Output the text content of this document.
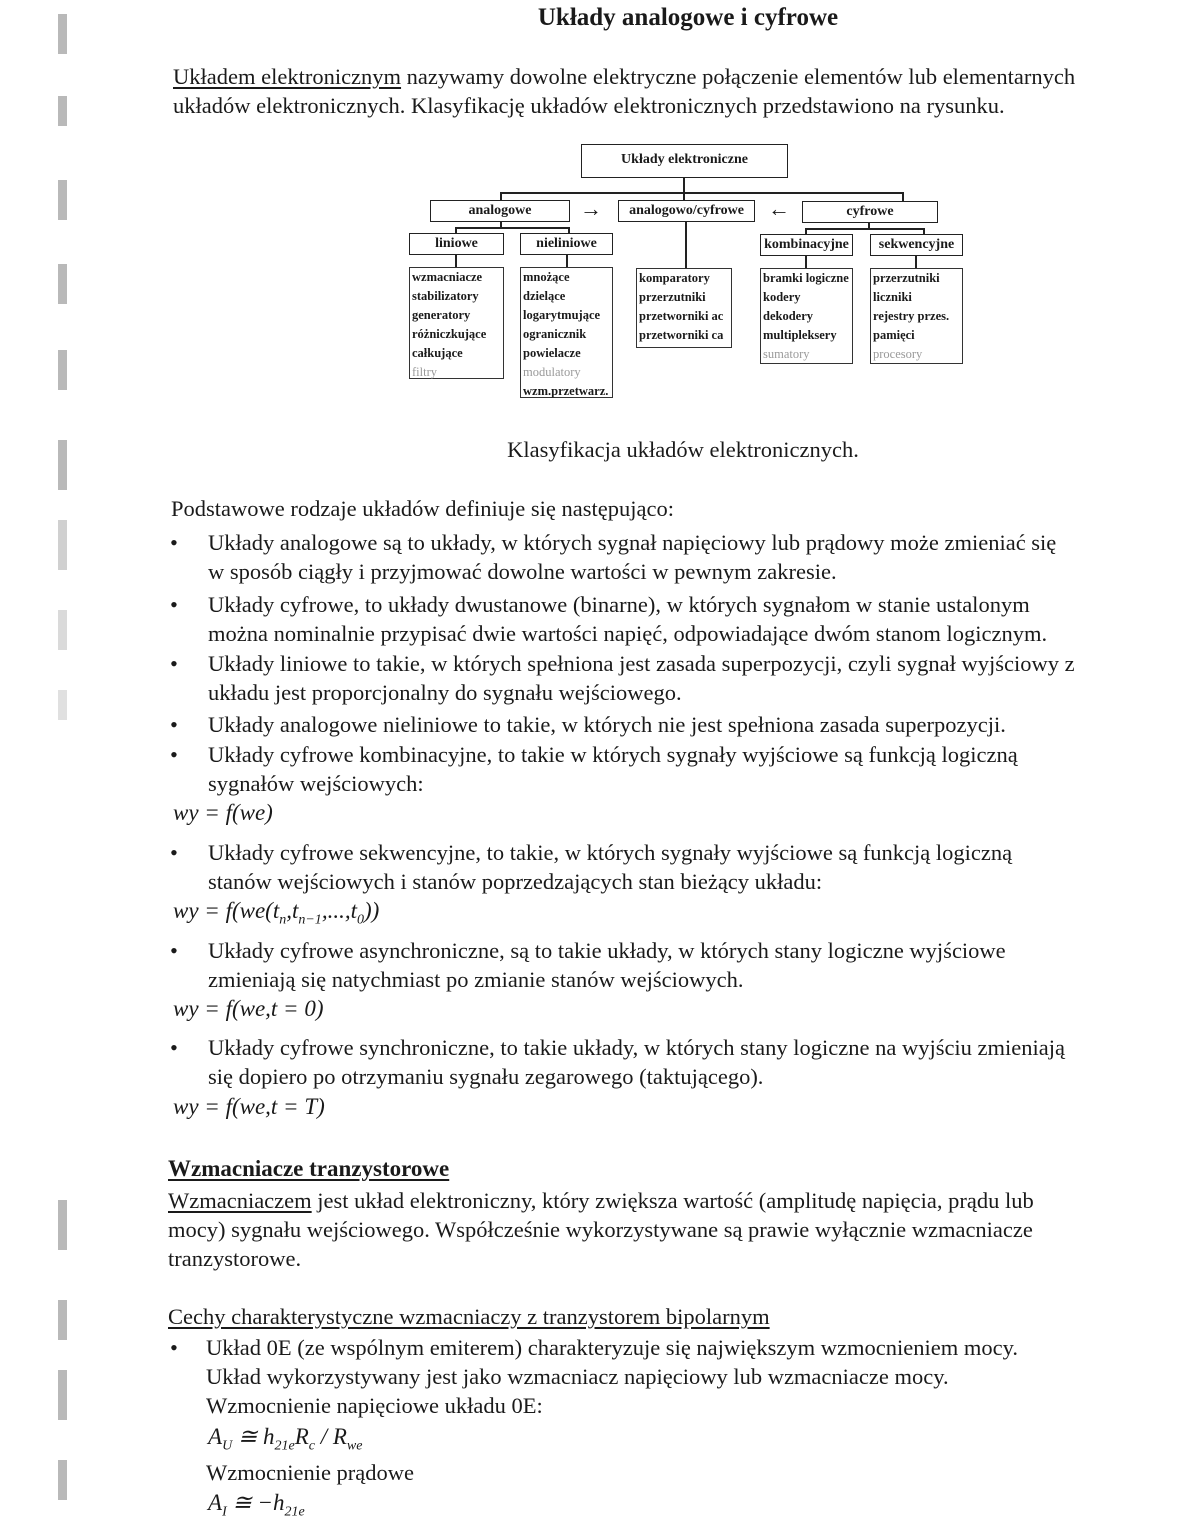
Układy analogowe i cyfrowe
Układem elektronicznym nazywamy dowolne elektryczne połączenie elementów lub elementarnych
układów elektronicznych. Klasyfikację układów elektronicznych przedstawiono na rysunku.
Układy elektroniczne
analogowe	analogowo/cyfrowe	cyfrowe
→	←
liniowe	nieliniowe	kombinacyjne	sekwencyjne
wzmacniacze
stabilizatory
generatory
różniczkujące
całkujące
filtry
mnożące
dzielące
logarytmujące
ogranicznik
powielacze
modulatory
wzm.przetwarz.
komparatory
przerzutniki
przetworniki ac
przetworniki ca
bramki logiczne
kodery
dekodery
multipleksery
sumatory
przerzutniki
liczniki
rejestry przes.
pamięci
procesory
Klasyfikacja układów elektronicznych.
Podstawowe rodzaje układów definiuje się następująco:
•	Układy analogowe są to układy, w których sygnał napięciowy lub prądowy może zmieniać się
w sposób ciągły i przyjmować dowolne wartości w pewnym zakresie.
•	Układy cyfrowe, to układy dwustanowe (binarne), w których sygnałom w stanie ustalonym
można nominalnie przypisać dwie wartości napięć, odpowiadające dwóm stanom logicznym.
•	Układy liniowe to takie, w których spełniona jest zasada superpozycji, czyli sygnał wyjściowy z
układu jest proporcjonalny do sygnału wejściowego.
•	Układy analogowe nieliniowe to takie, w których nie jest spełniona zasada superpozycji.
•	Układy cyfrowe kombinacyjne, to takie w których sygnały wyjściowe są funkcją logiczną
sygnałów wejściowych:
wy = f(we)
•	Układy cyfrowe sekwencyjne, to takie, w których sygnały wyjściowe są funkcją logiczną
stanów wejściowych i stanów poprzedzających stan bieżący układu:
wy = $f(we(t_n,t_{n-1},...,t_0))$
•	Układy cyfrowe asynchroniczne, są to takie układy, w których stany logiczne wyjściowe
zmieniają się natychmiast po zmianie stanów wejściowych.
wy = f(we,t = 0)
•	Układy cyfrowe synchroniczne, to takie układy, w których stany logiczne na wyjściu zmieniają
się dopiero po otrzymaniu sygnału zegarowego (taktującego).
wy = f(we,t = T)
Wzmacniacze tranzystorowe
Wzmacniaczem jest układ elektroniczny, który zwiększa wartość (amplitudę napięcia, prądu lub
mocy) sygnału wejściowego. Współcześnie wykorzystywane są prawie wyłącznie wzmacniacze
tranzystorowe.
Cechy charakterystyczne wzmacniaczy z tranzystorem bipolarnym
•	Układ 0E (ze wspólnym emiterem) charakteryzuje się największym wzmocnieniem mocy.
Układ wykorzystywany jest jako wzmacniacz napięciowy lub wzmacniacze mocy.
Wzmocnienie napięciowe układu 0E:
$A_U$ ≅ $h_{21e}R_c / R_{we}$
Wzmocnienie prądowe
$A_I$ ≅ $-h_{21e}$
